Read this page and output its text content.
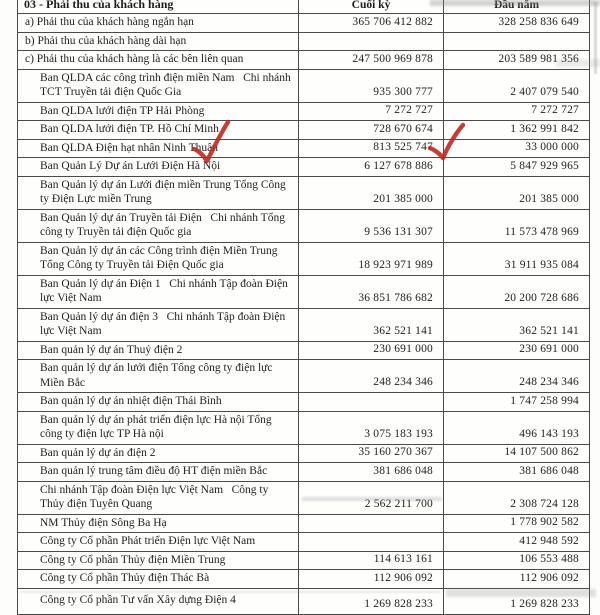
03 - Phải thu của khách hàng	Cuối kỳ	Đầu năm
a) Phải thu của khách hàng ngắn hạn	365 706 412 882	328 258 836 649
b) Phải thu của khách hàng dài hạn		
c) Phải thu của khách hàng là các bên liên quan	247 500 969 878	203 589 981 356
Ban QLDA các công trình điện miền Nam   Chi nhánh TCT Truyền tải điện Quốc Gia	935 300 777	2 407 079 540
Ban QLDA lưới điện TP Hải Phòng	7 272 727	7 272 727
Ban QLDA lưới điện TP. Hồ Chí Minh	728 670 674	1 362 991 842
Ban QLDA Điện hạt nhân Ninh Thuận	813 525 747	33 000 000
Ban Quản Lý Dự án Lưới Điện Hà Nội	6 127 678 886	5 847 929 965
Ban Quản lý dự án Lưới điện miền Trung Tổng Công ty Điện Lực miền Trung	201 385 000	201 385 000
Ban Quản lý dự án Truyền tải Điện   Chi nhánh Tổng công ty Truyền tải điện Quốc gia	9 536 131 307	11 573 478 969
Ban Quản lý dự án các Công trình điện Miền Trung   Tổng Công ty Truyền tải Điện Quốc gia	18 923 971 989	31 911 935 084
Ban Quản lý dự án Điện 1   Chi nhánh Tập đoàn Điện lực Việt Nam	36 851 786 682	20 200 728 686
Ban Quản lý dự án điện 3   Chi nhánh Tập đoàn Điện lực Việt Nam	362 521 141	362 521 141
Ban quản lý dự án Thuỷ điện 2	230 691 000	230 691 000
Ban quản lý dự án lưới điện Tổng công ty điện lực Miền Bắc	248 234 346	248 234 346
Ban quản lý dự án nhiệt điện Thái Bình		1 747 258 994
Ban quản lý dự án phát triển điện lực Hà nội Tổng công ty điện lực TP Hà nội	3 075 183 193	496 143 193
Ban quản lý dự án điện 2	35 160 270 367	14 107 500 862
Ban quản lý trung tâm điều độ HT điện miền Bắc	381 686 048	381 686 048
Chi nhánh Tập đoàn Điện lực Việt Nam   Công ty Thủy điện Tuyên Quang	2 562 211 700	2 308 724 128
NM Thủy điện Sông Ba Hạ		1 778 902 582
Công ty Cổ phần Phát triển Điện lực Việt Nam		412 948 592
Công ty Cổ phần Thủy điện Miền Trung	114 613 161	106 553 488
Công ty Cổ phần Thủy điện Thác Bà	112 906 092	112 906 092
Công ty Cổ phần Tư vấn Xây dựng Điện 4	1 269 828 233	1 269 828 233
